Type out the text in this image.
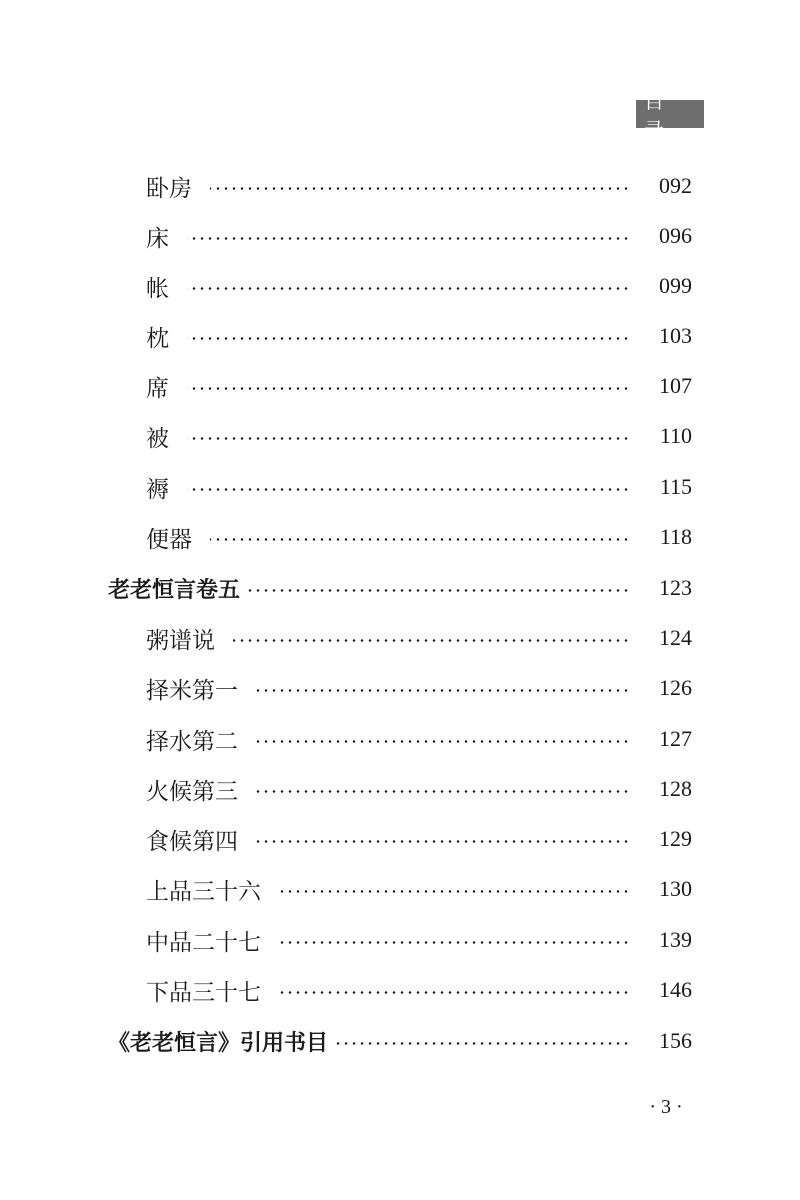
目 录
卧房	092
床	096
帐	099
枕	103
席	107
被	110
褥	115
便器	118
老老恒言卷五	123
粥谱说	124
择米第一	126
择水第二	127
火候第三	128
食候第四	129
上品三十六	130
中品二十七	139
下品三十七	146
《老老恒言》引用书目	156
· 3 ·
